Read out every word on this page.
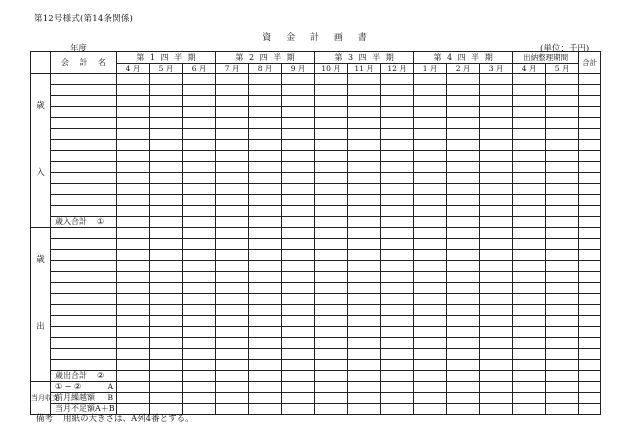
第12号様式(第14条関係)
資 金 計 画 書
年度	(単位：千円)
	会 計 名	第 1 四 半 期			第 2 四 半 期			第 3 四 半 期			第 4 四 半 期			出納整理期間		合計
		4 月	5 月	6 月	7 月	8 月	9 月	10 月	11 月	12 月	1 月	2 月	3 月	4 月	5 月	

歳
入																

	歳入合計 ①															

歳
出																

	歳出合計 ②															
当月収支	① − ② A															

	前月繰越額 B															

	当月不足額A＋B

備考 用紙の大きさは、A列4番とする。
